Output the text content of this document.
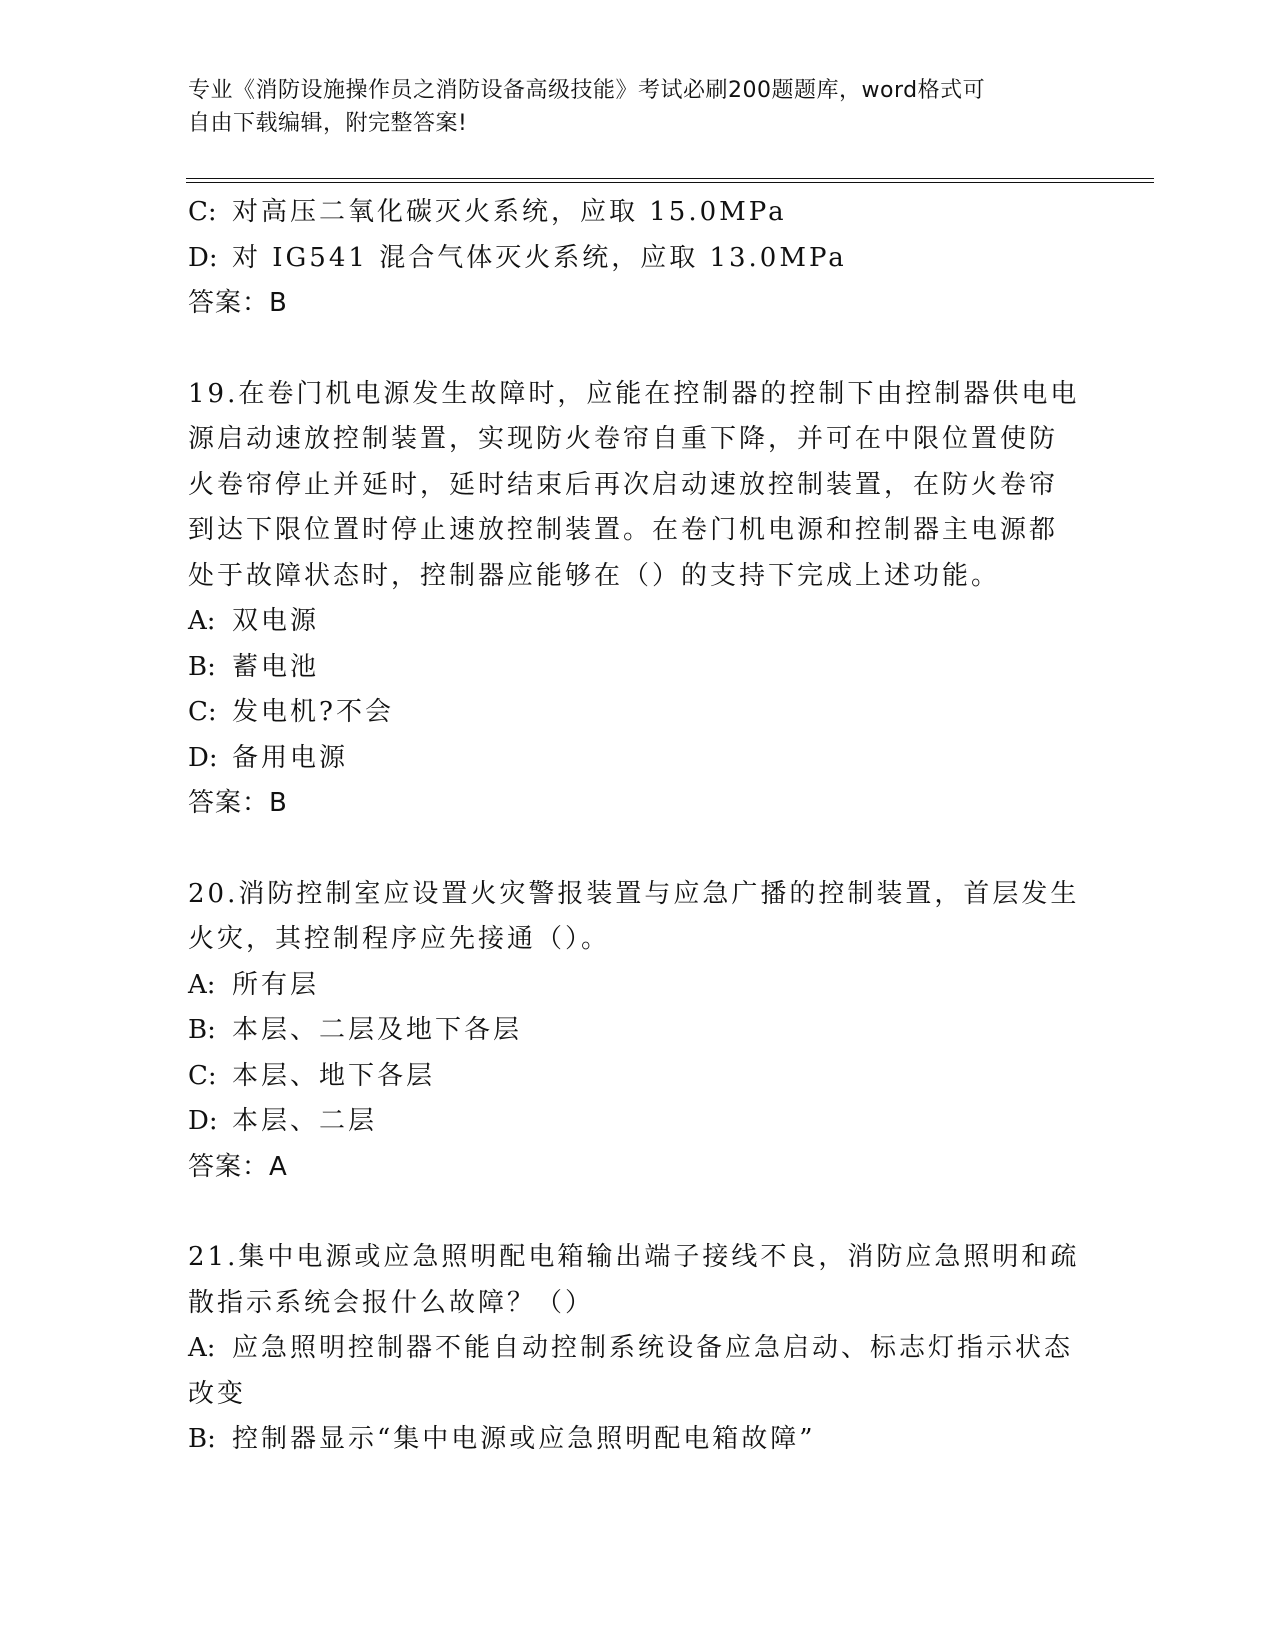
专业《消防设施操作员之消防设备高级技能》考试必刷200题题库，word格式可
自由下载编辑，附完整答案!
C: 对高压二氧化碳灭火系统，应取 15.0MPa
D: 对 IG541 混合气体灭火系统，应取 13.0MPa
答案：B
19.在卷门机电源发生故障时，应能在控制器的控制下由控制器供电电
源启动速放控制装置，实现防火卷帘自重下降，并可在中限位置使防
火卷帘停止并延时，延时结束后再次启动速放控制装置，在防火卷帘
到达下限位置时停止速放控制装置。在卷门机电源和控制器主电源都
处于故障状态时，控制器应能够在（）的支持下完成上述功能。
A: 双电源
B: 蓄电池
C: 发电机?不会
D: 备用电源
答案：B
20.消防控制室应设置火灾警报装置与应急广播的控制装置，首层发生
火灾，其控制程序应先接通（）。
A: 所有层
B: 本层、二层及地下各层
C: 本层、地下各层
D: 本层、二层
答案：A
21.集中电源或应急照明配电箱输出端子接线不良，消防应急照明和疏
散指示系统会报什么故障？（）
A: 应急照明控制器不能自动控制系统设备应急启动、标志灯指示状态
改变
B: 控制器显示“集中电源或应急照明配电箱故障”
